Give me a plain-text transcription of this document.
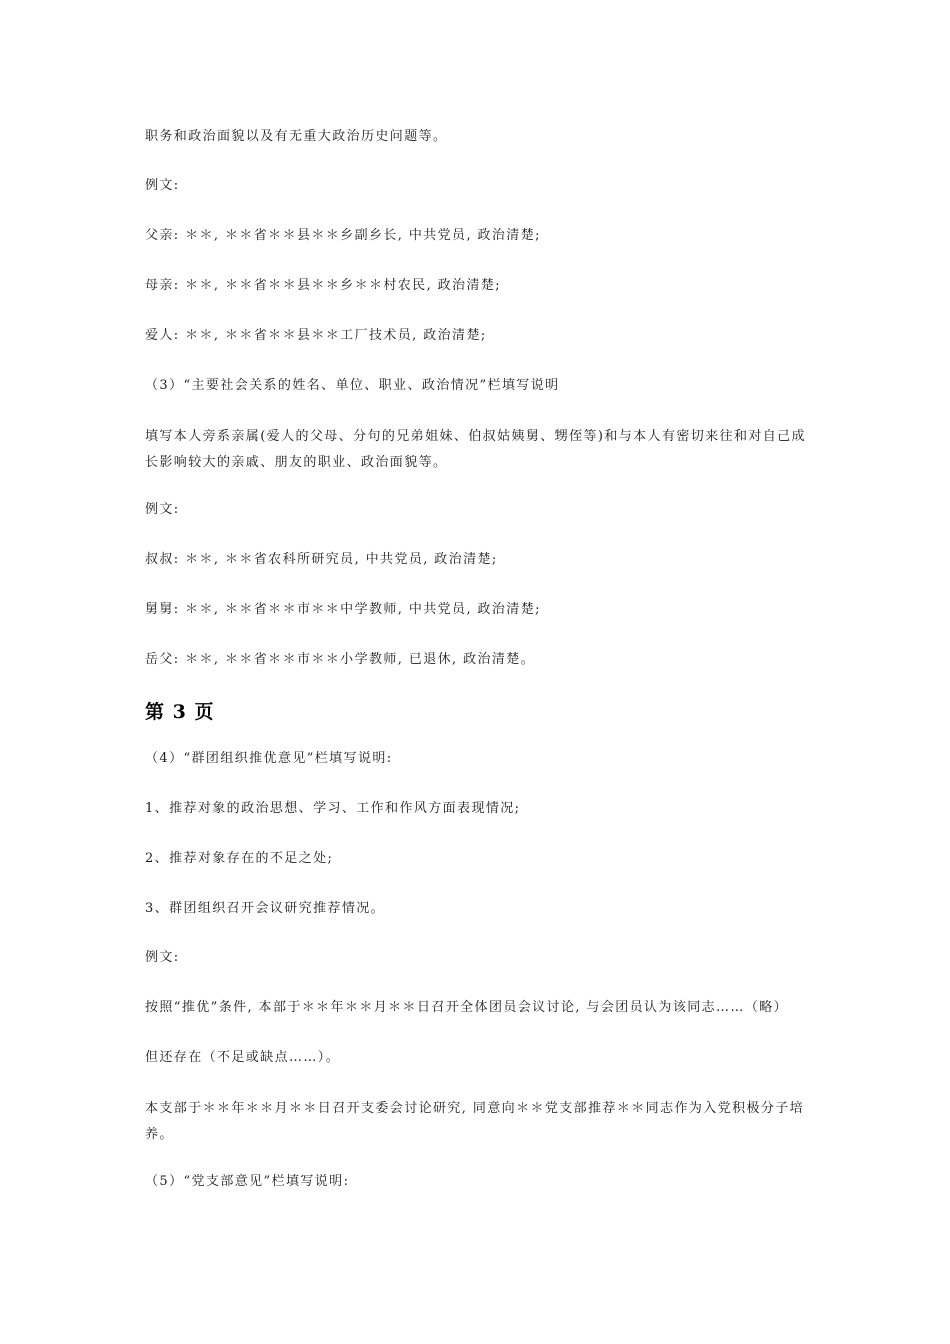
职务和政治面貌以及有无重大政治历史问题等。
例文:
父亲: ＊＊, ＊＊省＊＊县＊＊乡副乡长, 中共党员, 政治清楚;
母亲: ＊＊, ＊＊省＊＊县＊＊乡＊＊村农民, 政治清楚;
爱人: ＊＊, ＊＊省＊＊县＊＊工厂技术员, 政治清楚;
（3）“主要社会关系的姓名、单位、职业、政治情况”栏填写说明
填写本人旁系亲属(爱人的父母、分句的兄弟姐妹、伯叔姑姨舅、甥侄等)和与本人有密切来往和对自己成长影响较大的亲戚、朋友的职业、政治面貌等。
例文:
叔叔: ＊＊, ＊＊省农科所研究员, 中共党员, 政治清楚;
舅舅: ＊＊, ＊＊省＊＊市＊＊中学教师, 中共党员, 政治清楚;
岳父: ＊＊, ＊＊省＊＊市＊＊小学教师, 已退休, 政治清楚。
第 3 页
（4）“群团组织推优意见”栏填写说明:
1、推荐对象的政治思想、学习、工作和作风方面表现情况;
2、推荐对象存在的不足之处;
3、群团组织召开会议研究推荐情况。
例文:
按照“推优”条件, 本部于＊＊年＊＊月＊＊日召开全体团员会议讨论, 与会团员认为该同志……（略）
但还存在（不足或缺点……）。
本支部于＊＊年＊＊月＊＊日召开支委会讨论研究, 同意向＊＊党支部推荐＊＊同志作为入党积极分子培养。
（5）“党支部意见”栏填写说明:
